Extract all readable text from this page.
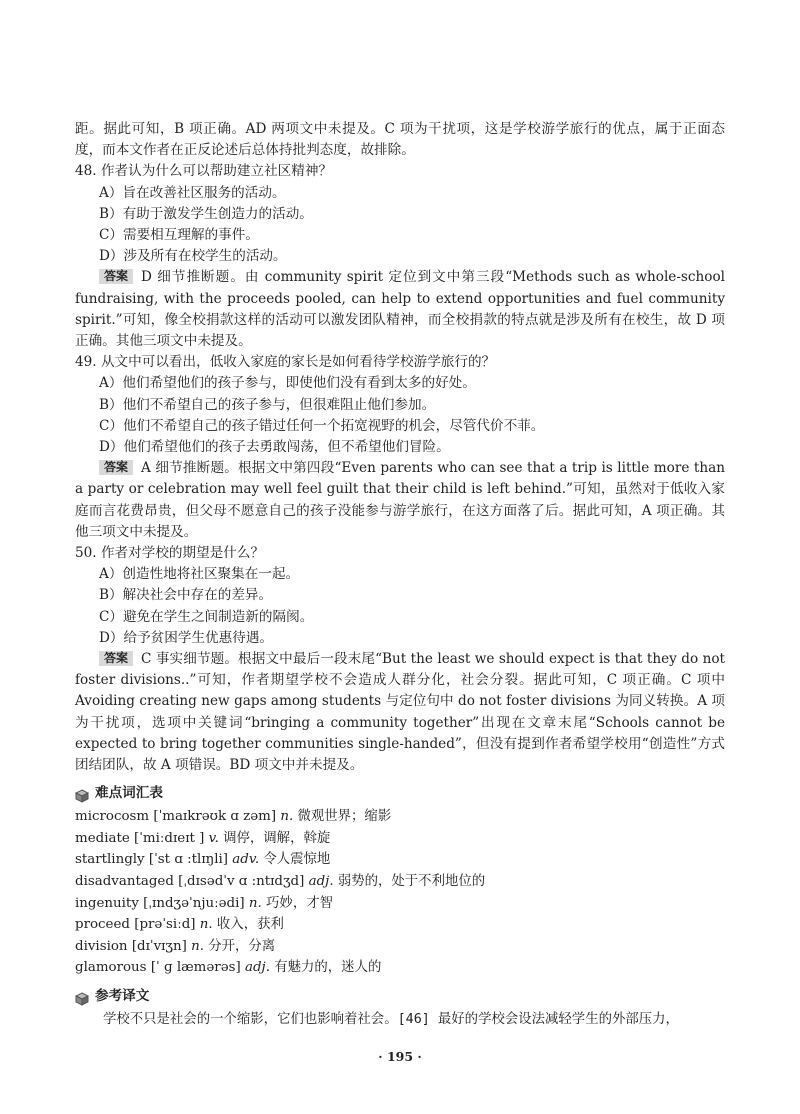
距。据此可知，B 项正确。AD 两项文中未提及。C 项为干扰项，这是学校游学旅行的优点，属于正面态度，而本文作者在正反论述后总体持批判态度，故排除。

48. 作者认为什么可以帮助建立社区精神？

A）旨在改善社区服务的活动。

B）有助于激发学生创造力的活动。

C）需要相互理解的事件。

D）涉及所有在校学生的活动。

答案 D 细节推断题。由 community spirit 定位到文中第三段“Methods such as whole-school fundraising, with the proceeds pooled, can help to extend opportunities and fuel community spirit.”可知，像全校捐款这样的活动可以激发团队精神，而全校捐款的特点就是涉及所有在校生，故 D 项正确。其他三项文中未提及。

49. 从文中可以看出，低收入家庭的家长是如何看待学校游学旅行的？

A）他们希望他们的孩子参与，即使他们没有看到太多的好处。

B）他们不希望自己的孩子参与，但很难阻止他们参加。

C）他们不希望自己的孩子错过任何一个拓宽视野的机会，尽管代价不菲。

D）他们希望他们的孩子去勇敢闯荡，但不希望他们冒险。

答案 A 细节推断题。根据文中第四段“Even parents who can see that a trip is little more than a party or celebration may well feel guilt that their child is left behind.”可知，虽然对于低收入家庭而言花费昂贵，但父母不愿意自己的孩子没能参与游学旅行，在这方面落了后。据此可知，A 项正确。其他三项文中未提及。

50. 作者对学校的期望是什么？

A）创造性地将社区聚集在一起。

B）解决社会中存在的差异。

C）避免在学生之间制造新的隔阂。

D）给予贫困学生优惠待遇。

答案 C 事实细节题。根据文中最后一段末尾“But the least we should expect is that they do not foster divisions..”可知，作者期望学校不会造成人群分化，社会分裂。据此可知，C 项正确。C 项中 Avoiding creating new gaps among students 与定位句中 do not foster divisions 为同义转换。A 项为干扰项，选项中关键词“bringing a community together”出现在文章末尾“Schools cannot be expected to bring together communities single-handed”，但没有提到作者希望学校用“创造性”方式团结团队，故 A 项错误。BD 项文中并未提及。

难点词汇表

microcosm [ˈmaɪkrəʊk ɑ zəm] n. 微观世界；缩影

mediate [ˈmiːdɪeɪt ] v. 调停，调解，斡旋

startlingly [ˈst ɑ :tlɪŋli] adv. 令人震惊地

disadvantaged [ˌdɪsədˈv ɑ :ntɪdʒd] adj. 弱势的，处于不利地位的

ingenuity [ˌɪndʒəˈnjuːədi] n. 巧妙，才智

proceed [prəˈsiːd] n. 收入，获利

division [dɪˈvɪʒn] n. 分开，分离

glamorous [ˈ ɡ læmərəs] adj. 有魅力的，迷人的

参考译文

学校不只是社会的一个缩影，它们也影响着社会。[46] 最好的学校会设法减轻学生的外部压力，

· 195 ·
